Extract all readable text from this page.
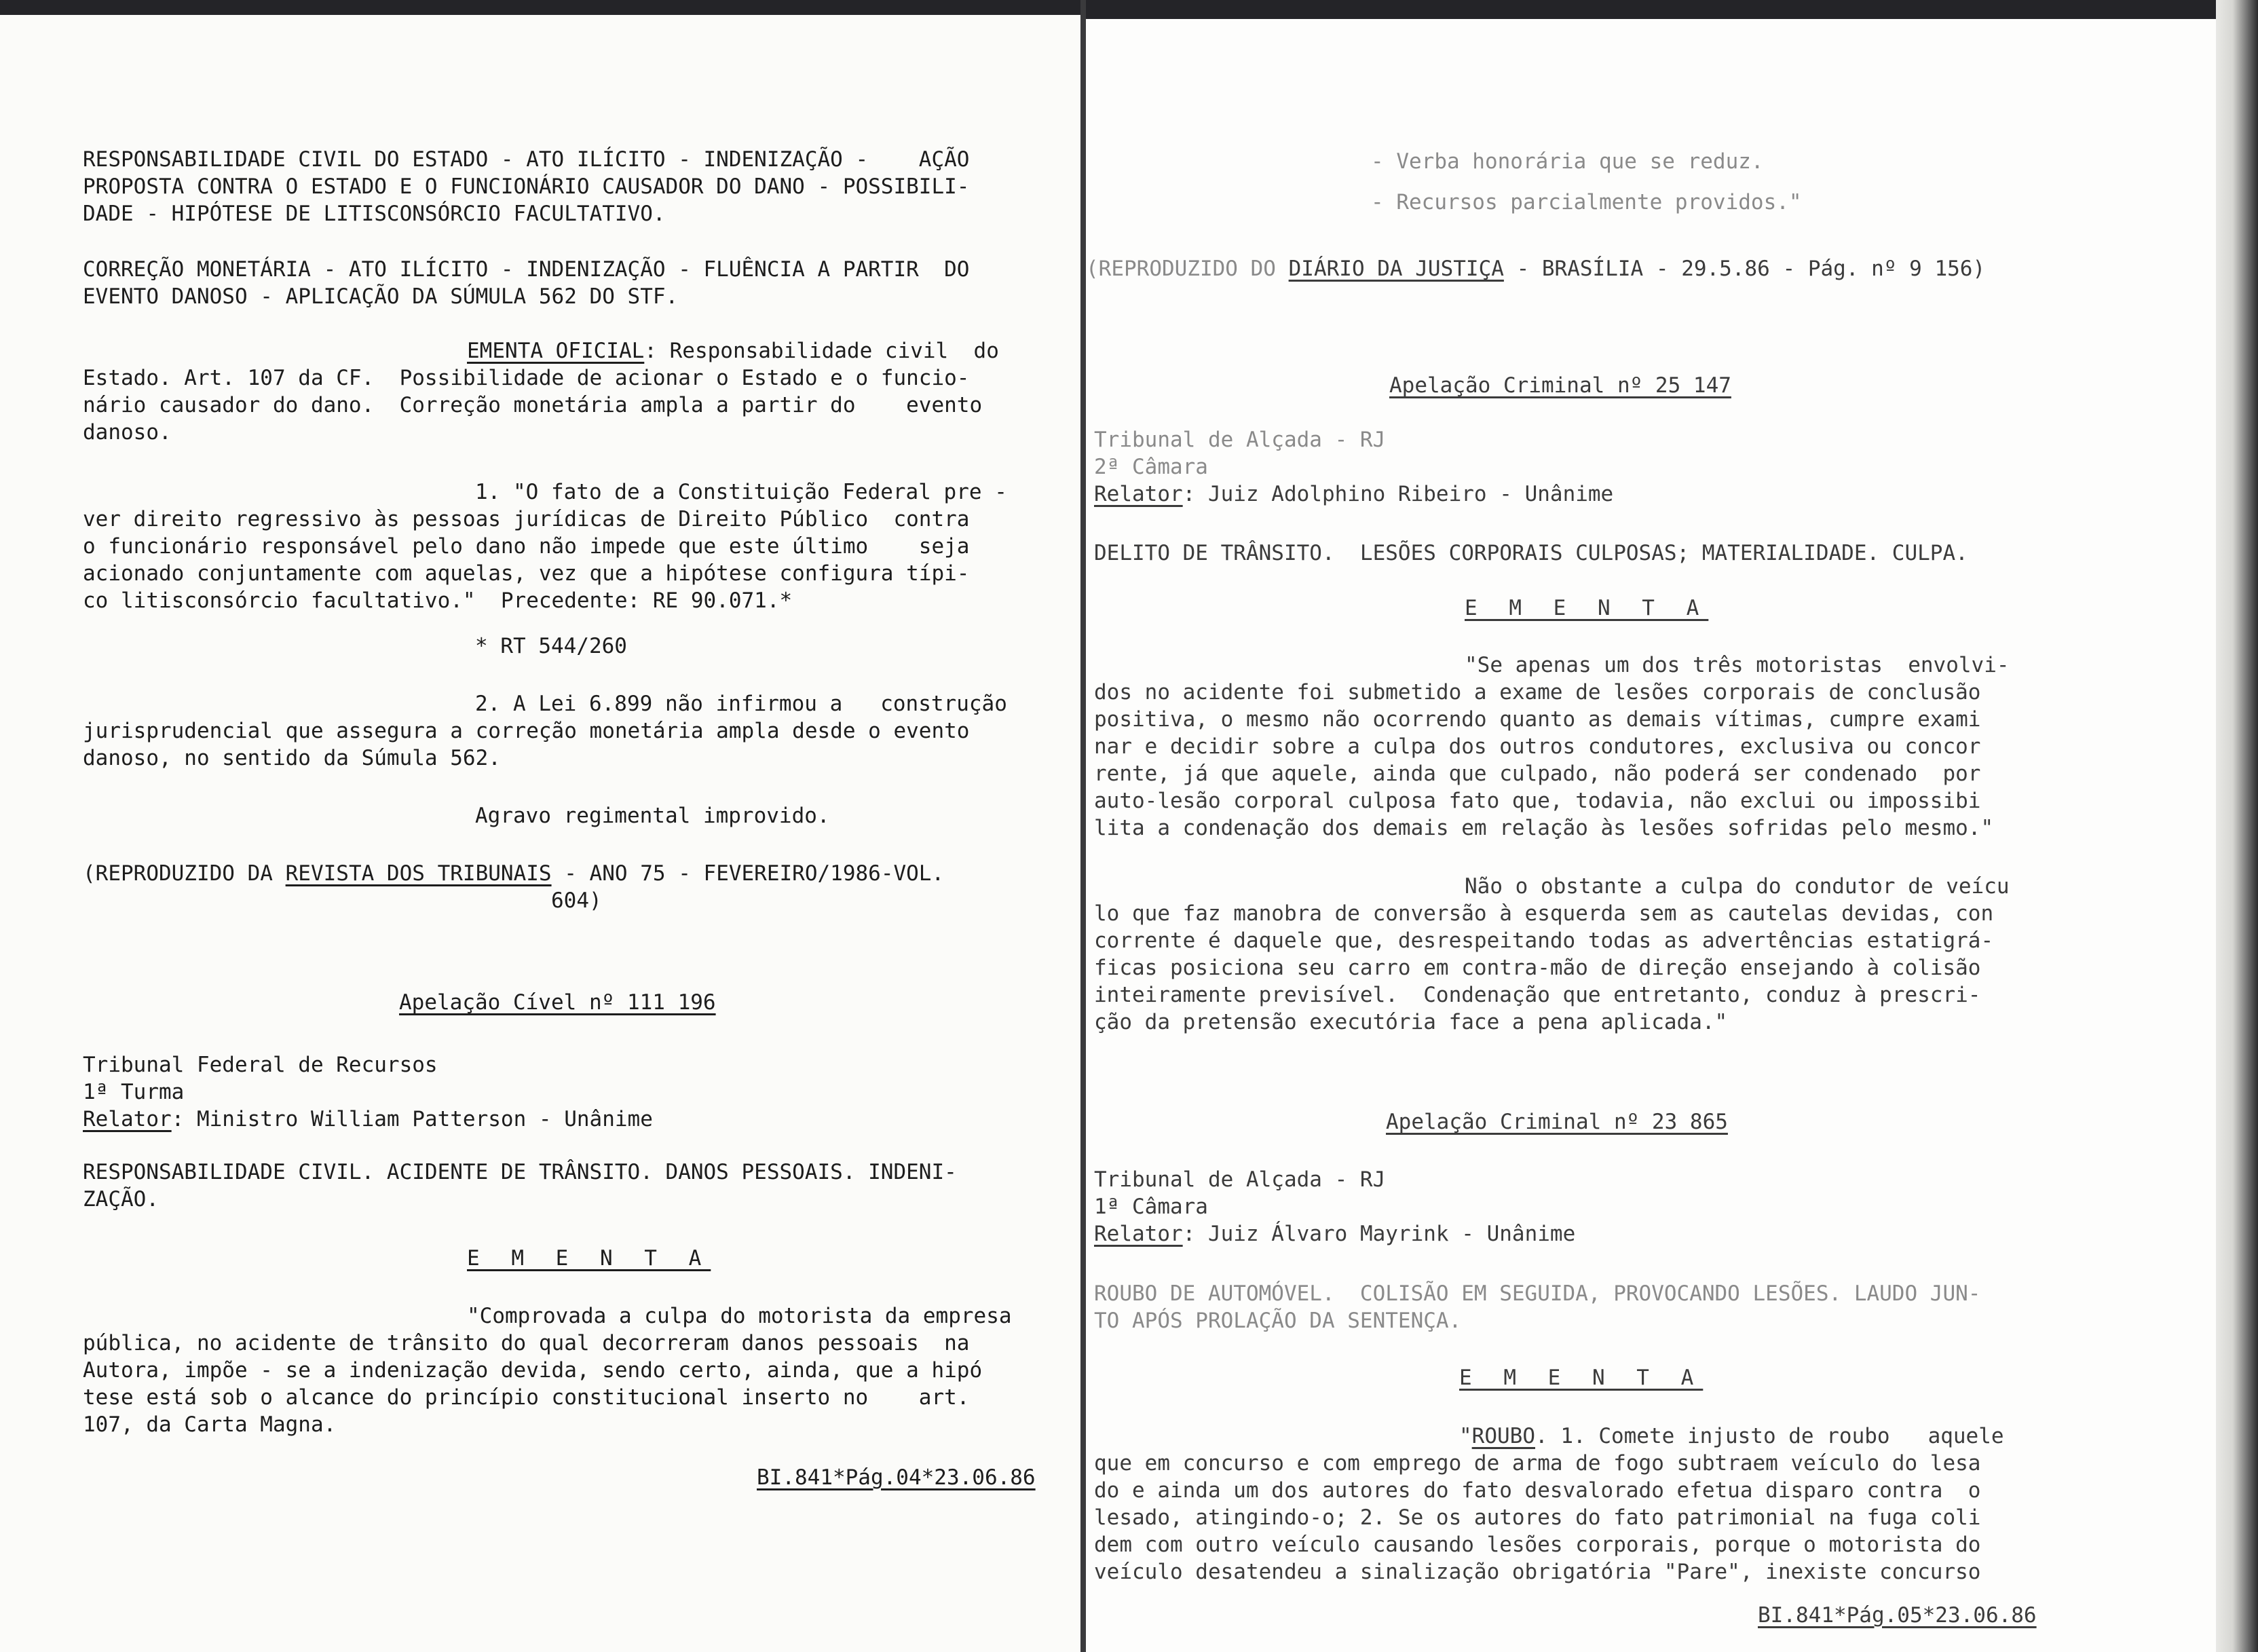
RESPONSABILIDADE CIVIL DO ESTADO - ATO ILÍCITO - INDENIZAÇÃO -    AÇÃO

PROPOSTA CONTRA O ESTADO E O FUNCIONÁRIO CAUSADOR DO DANO - POSSIBILI-

DADE - HIPÓTESE DE LITISCONSÓRCIO FACULTATIVO.

CORREÇÃO MONETÁRIA - ATO ILÍCITO - INDENIZAÇÃO - FLUÊNCIA A PARTIR  DO

EVENTO DANOSO - APLICAÇÃO DA SÚMULA 562 DO STF.

EMENTA OFICIAL: Responsabilidade civil  do

Estado. Art. 107 da CF.  Possibilidade de acionar o Estado e o funcio-

nário causador do dano.  Correção monetária ampla a partir do    evento

danoso.

1. "O fato de a Constituição Federal pre -

ver direito regressivo às pessoas jurídicas de Direito Público  contra

o funcionário responsável pelo dano não impede que este último    seja

acionado conjuntamente com aquelas, vez que a hipótese configura típi-

co litisconsórcio facultativo."  Precedente: RE 90.071.*

* RT 544/260

2. A Lei 6.899 não infirmou a   construção

jurisprudencial que assegura a correção monetária ampla desde o evento

danoso, no sentido da Súmula 562.

Agravo regimental improvido.

(REPRODUZIDO DA REVISTA DOS TRIBUNAIS - ANO 75 - FEVEREIRO/1986-VOL.

604)

Apelação Cível nº 111 196

Tribunal Federal de Recursos

1ª Turma

Relator: Ministro William Patterson - Unânime

RESPONSABILIDADE CIVIL. ACIDENTE DE TRÂNSITO. DANOS PESSOAIS. INDENI-

ZAÇÃO.

E M E N T A

"Comprovada a culpa do motorista da empresa

pública, no acidente de trânsito do qual decorreram danos pessoais  na

Autora, impõe - se a indenização devida, sendo certo, ainda, que a hipó

tese está sob o alcance do princípio constitucional inserto no    art.

107, da Carta Magna.

BI.841*Pág.04*23.06.86

- Verba honorária que se reduz.

- Recursos parcialmente providos."

(REPRODUZIDO DO DIÁRIO DA JUSTIÇA - BRASÍLIA - 29.5.86 - Pág. nº 9 156)

Apelação Criminal nº 25 147

Tribunal de Alçada - RJ

2ª Câmara

Relator: Juiz Adolphino Ribeiro - Unânime

DELITO DE TRÂNSITO.  LESÕES CORPORAIS CULPOSAS; MATERIALIDADE. CULPA.

E M E N T A

"Se apenas um dos três motoristas  envolvi-

dos no acidente foi submetido a exame de lesões corporais de conclusão

positiva, o mesmo não ocorrendo quanto as demais vítimas, cumpre exami

nar e decidir sobre a culpa dos outros condutores, exclusiva ou concor

rente, já que aquele, ainda que culpado, não poderá ser condenado  por

auto-lesão corporal culposa fato que, todavia, não exclui ou impossibi

lita a condenação dos demais em relação às lesões sofridas pelo mesmo."

Não o obstante a culpa do condutor de veícu

lo que faz manobra de conversão à esquerda sem as cautelas devidas, con

corrente é daquele que, desrespeitando todas as advertências estatigrá-

ficas posiciona seu carro em contra-mão de direção ensejando à colisão

inteiramente previsível.  Condenação que entretanto, conduz à prescri-

ção da pretensão executória face a pena aplicada."

Apelação Criminal nº 23 865

Tribunal de Alçada - RJ

1ª Câmara

Relator: Juiz Álvaro Mayrink - Unânime

ROUBO DE AUTOMÓVEL.  COLISÃO EM SEGUIDA, PROVOCANDO LESÕES. LAUDO JUN-

TO APÓS PROLAÇÃO DA SENTENÇA.

E M E N T A

"ROUBO. 1. Comete injusto de roubo   aquele

que em concurso e com emprego de arma de fogo subtraem veículo do lesa

do e ainda um dos autores do fato desvalorado efetua disparo contra  o

lesado, atingindo-o; 2. Se os autores do fato patrimonial na fuga coli

dem com outro veículo causando lesões corporais, porque o motorista do

veículo desatendeu a sinalização obrigatória "Pare", inexiste concurso

BI.841*Pág.05*23.06.86
